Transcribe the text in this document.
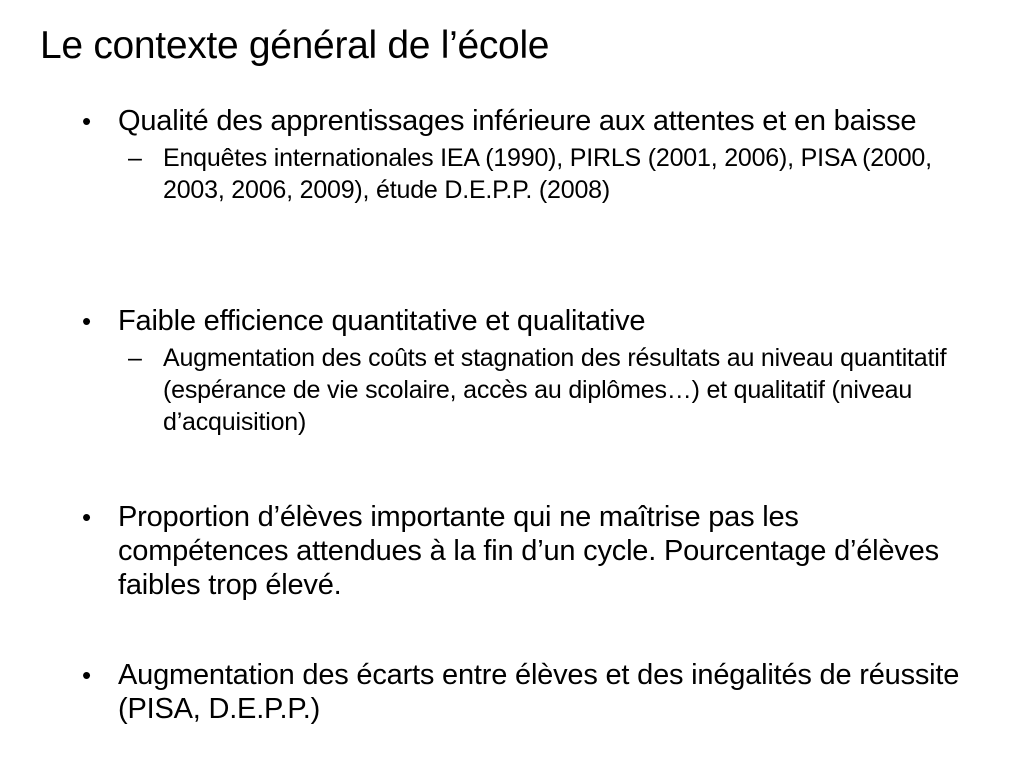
Le contexte général de l’école
• Qualité des apprentissages inférieure aux attentes et en baisse
– Enquêtes internationales IEA (1990), PIRLS (2001, 2006), PISA (2000, 2003, 2006, 2009), étude D.E.P.P. (2008)
• Faible efficience quantitative et qualitative
– Augmentation des coûts et stagnation des résultats au niveau quantitatif (espérance de vie scolaire, accès au diplômes…) et qualitatif (niveau d’acquisition)
• Proportion d’élèves importante qui ne maîtrise pas les compétences attendues à la fin d’un cycle. Pourcentage d’élèves faibles trop élevé.
• Augmentation des écarts entre élèves et des inégalités de réussite (PISA, D.E.P.P.)
